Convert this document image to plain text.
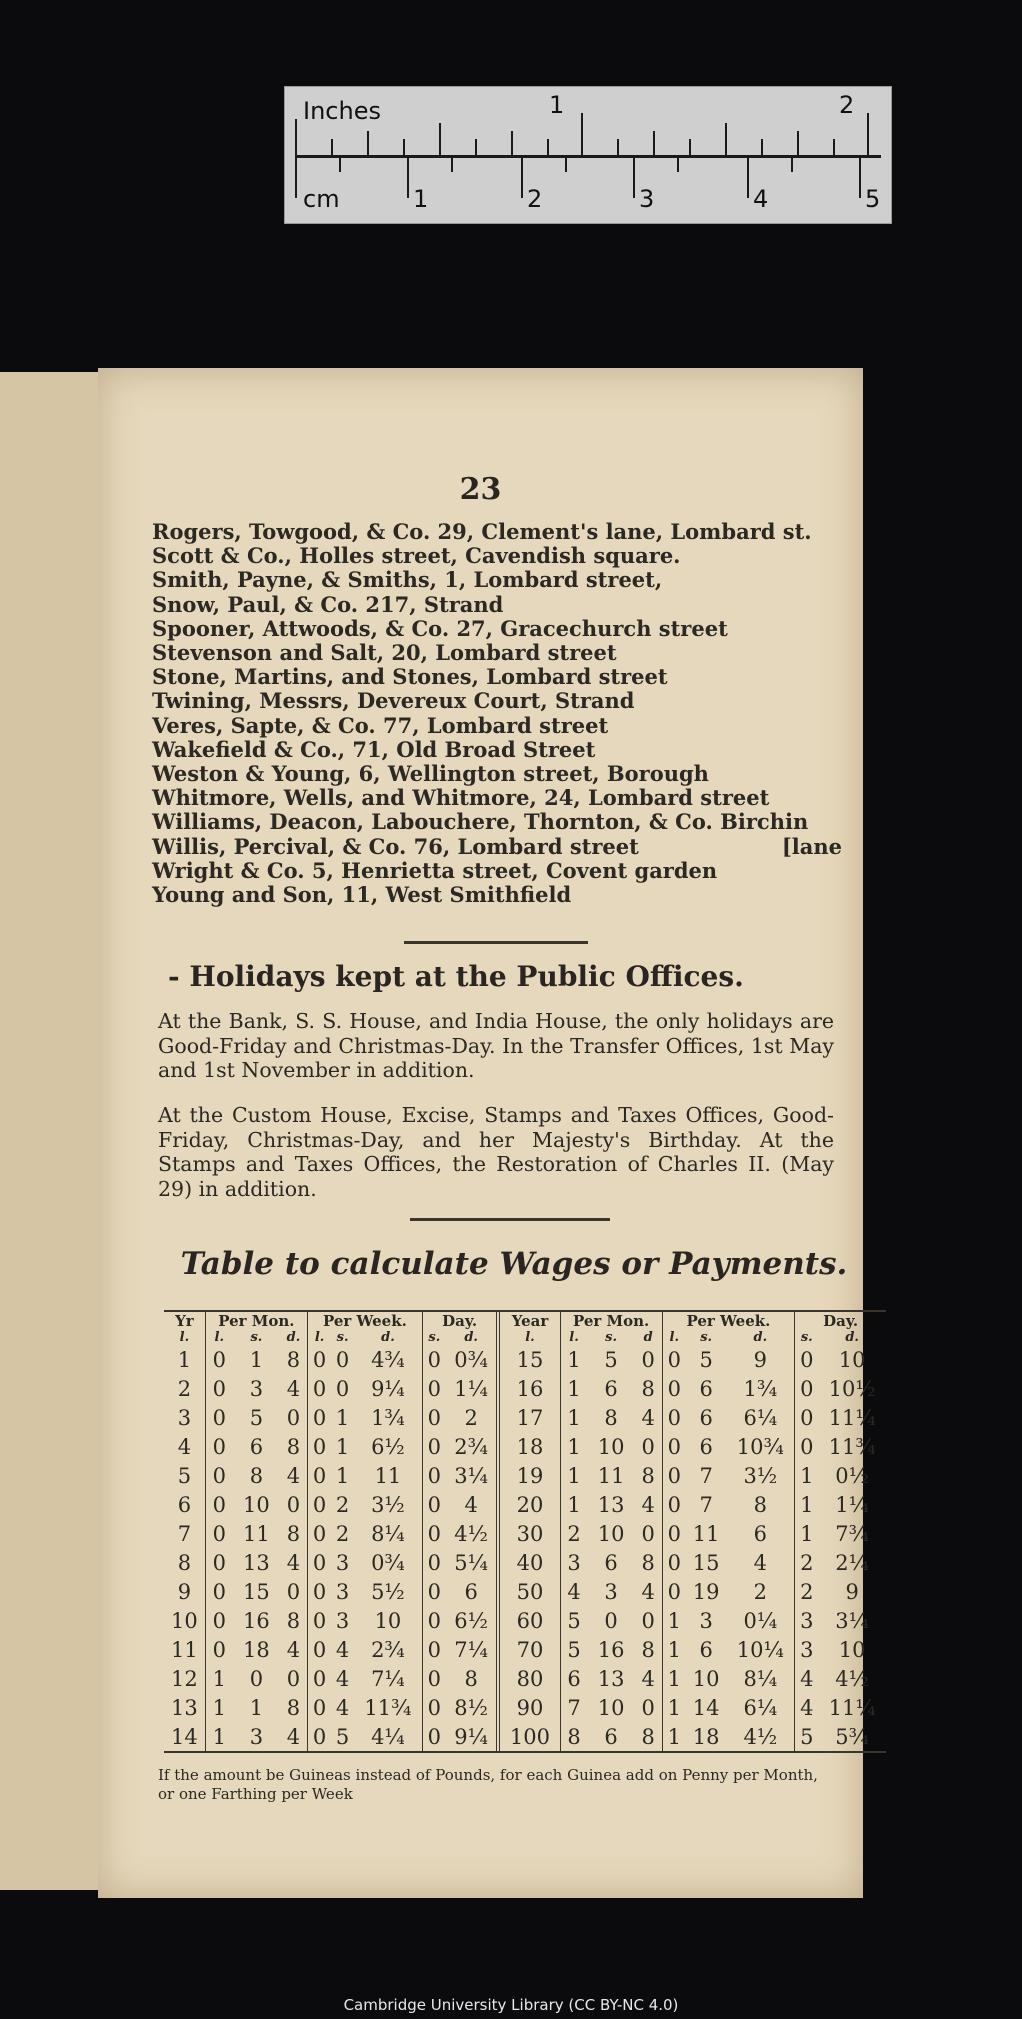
Inches	1	2
cm	1	2	3	4	5
23
Rogers, Towgood, & Co. 29, Clement's lane, Lombard st.
Scott & Co., Holles street, Cavendish square.
Smith, Payne, & Smiths, 1, Lombard street,
Snow, Paul, & Co. 217, Strand
Spooner, Attwoods, & Co. 27, Gracechurch street
Stevenson and Salt, 20, Lombard street
Stone, Martins, and Stones, Lombard street
Twining, Messrs, Devereux Court, Strand
Veres, Sapte, & Co. 77, Lombard street
Wakefield & Co., 71, Old Broad Street
Weston & Young, 6, Wellington street, Borough
Whitmore, Wells, and Whitmore, 24, Lombard street
Williams, Deacon, Labouchere, Thornton, & Co. Birchin
Willis, Percival, & Co. 76, Lombard street	[lane
Wright & Co. 5, Henrietta street, Covent garden
Young and Son, 11, West Smithfield
- Holidays kept at the Public Offices.
At the Bank, S. S. House, and India House, the only holidays are Good-Friday and Christmas-Day. In the Transfer Offices, 1st May and 1st November in addition.
At the Custom House, Excise, Stamps and Taxes Offices, Good-Friday, Christmas-Day, and her Majesty's Birthday. At the Stamps and Taxes Offices, the Restoration of Charles II. (May 29) in addition.
Table to calculate Wages or Payments.
Yr	Per Mon.			Per Week.			Day.		Year	Per Mon.			Per Week.			Day.	
l.	l.	s.	d.	l.	s.	d.	s.	d.	l.	l.	s.	d	l.	s.	d.	s.	d.
1	0	1	8	0	0	4¾	0	0¾	15	1	5	0	0	5	9	0	10
2	0	3	4	0	0	9¼	0	1¼	16	1	6	8	0	6	1¾	0	10½
3	0	5	0	0	1	1¾	0	2	17	1	8	4	0	6	6¼	0	11¼
4	0	6	8	0	1	6½	0	2¾	18	1	10	0	0	6	10¾	0	11¾
5	0	8	4	0	1	11	0	3¼	19	1	11	8	0	7	3½	1	0½
6	0	10	0	0	2	3½	0	4	20	1	13	4	0	7	8	1	1¼
7	0	11	8	0	2	8¼	0	4½	30	2	10	0	0	11	6	1	7¾
8	0	13	4	0	3	0¾	0	5¼	40	3	6	8	0	15	4	2	2¼
9	0	15	0	0	3	5½	0	6	50	4	3	4	0	19	2	2	9
10	0	16	8	0	3	10	0	6½	60	5	0	0	1	3	0¼	3	3¼
11	0	18	4	0	4	2¾	0	7¼	70	5	16	8	1	6	10¼	3	10
12	1	0	0	0	4	7¼	0	8	80	6	13	4	1	10	8¼	4	4½
13	1	1	8	0	4	11¾	0	8½	90	7	10	0	1	14	6¼	4	11¼
14	1	3	4	0	5	4¼	0	9¼	100	8	6	8	1	18	4½	5	5¾
If the amount be Guineas instead of Pounds, for each Guinea add on Penny per Month, or one Farthing per Week
Cambridge University Library (CC BY-NC 4.0)
